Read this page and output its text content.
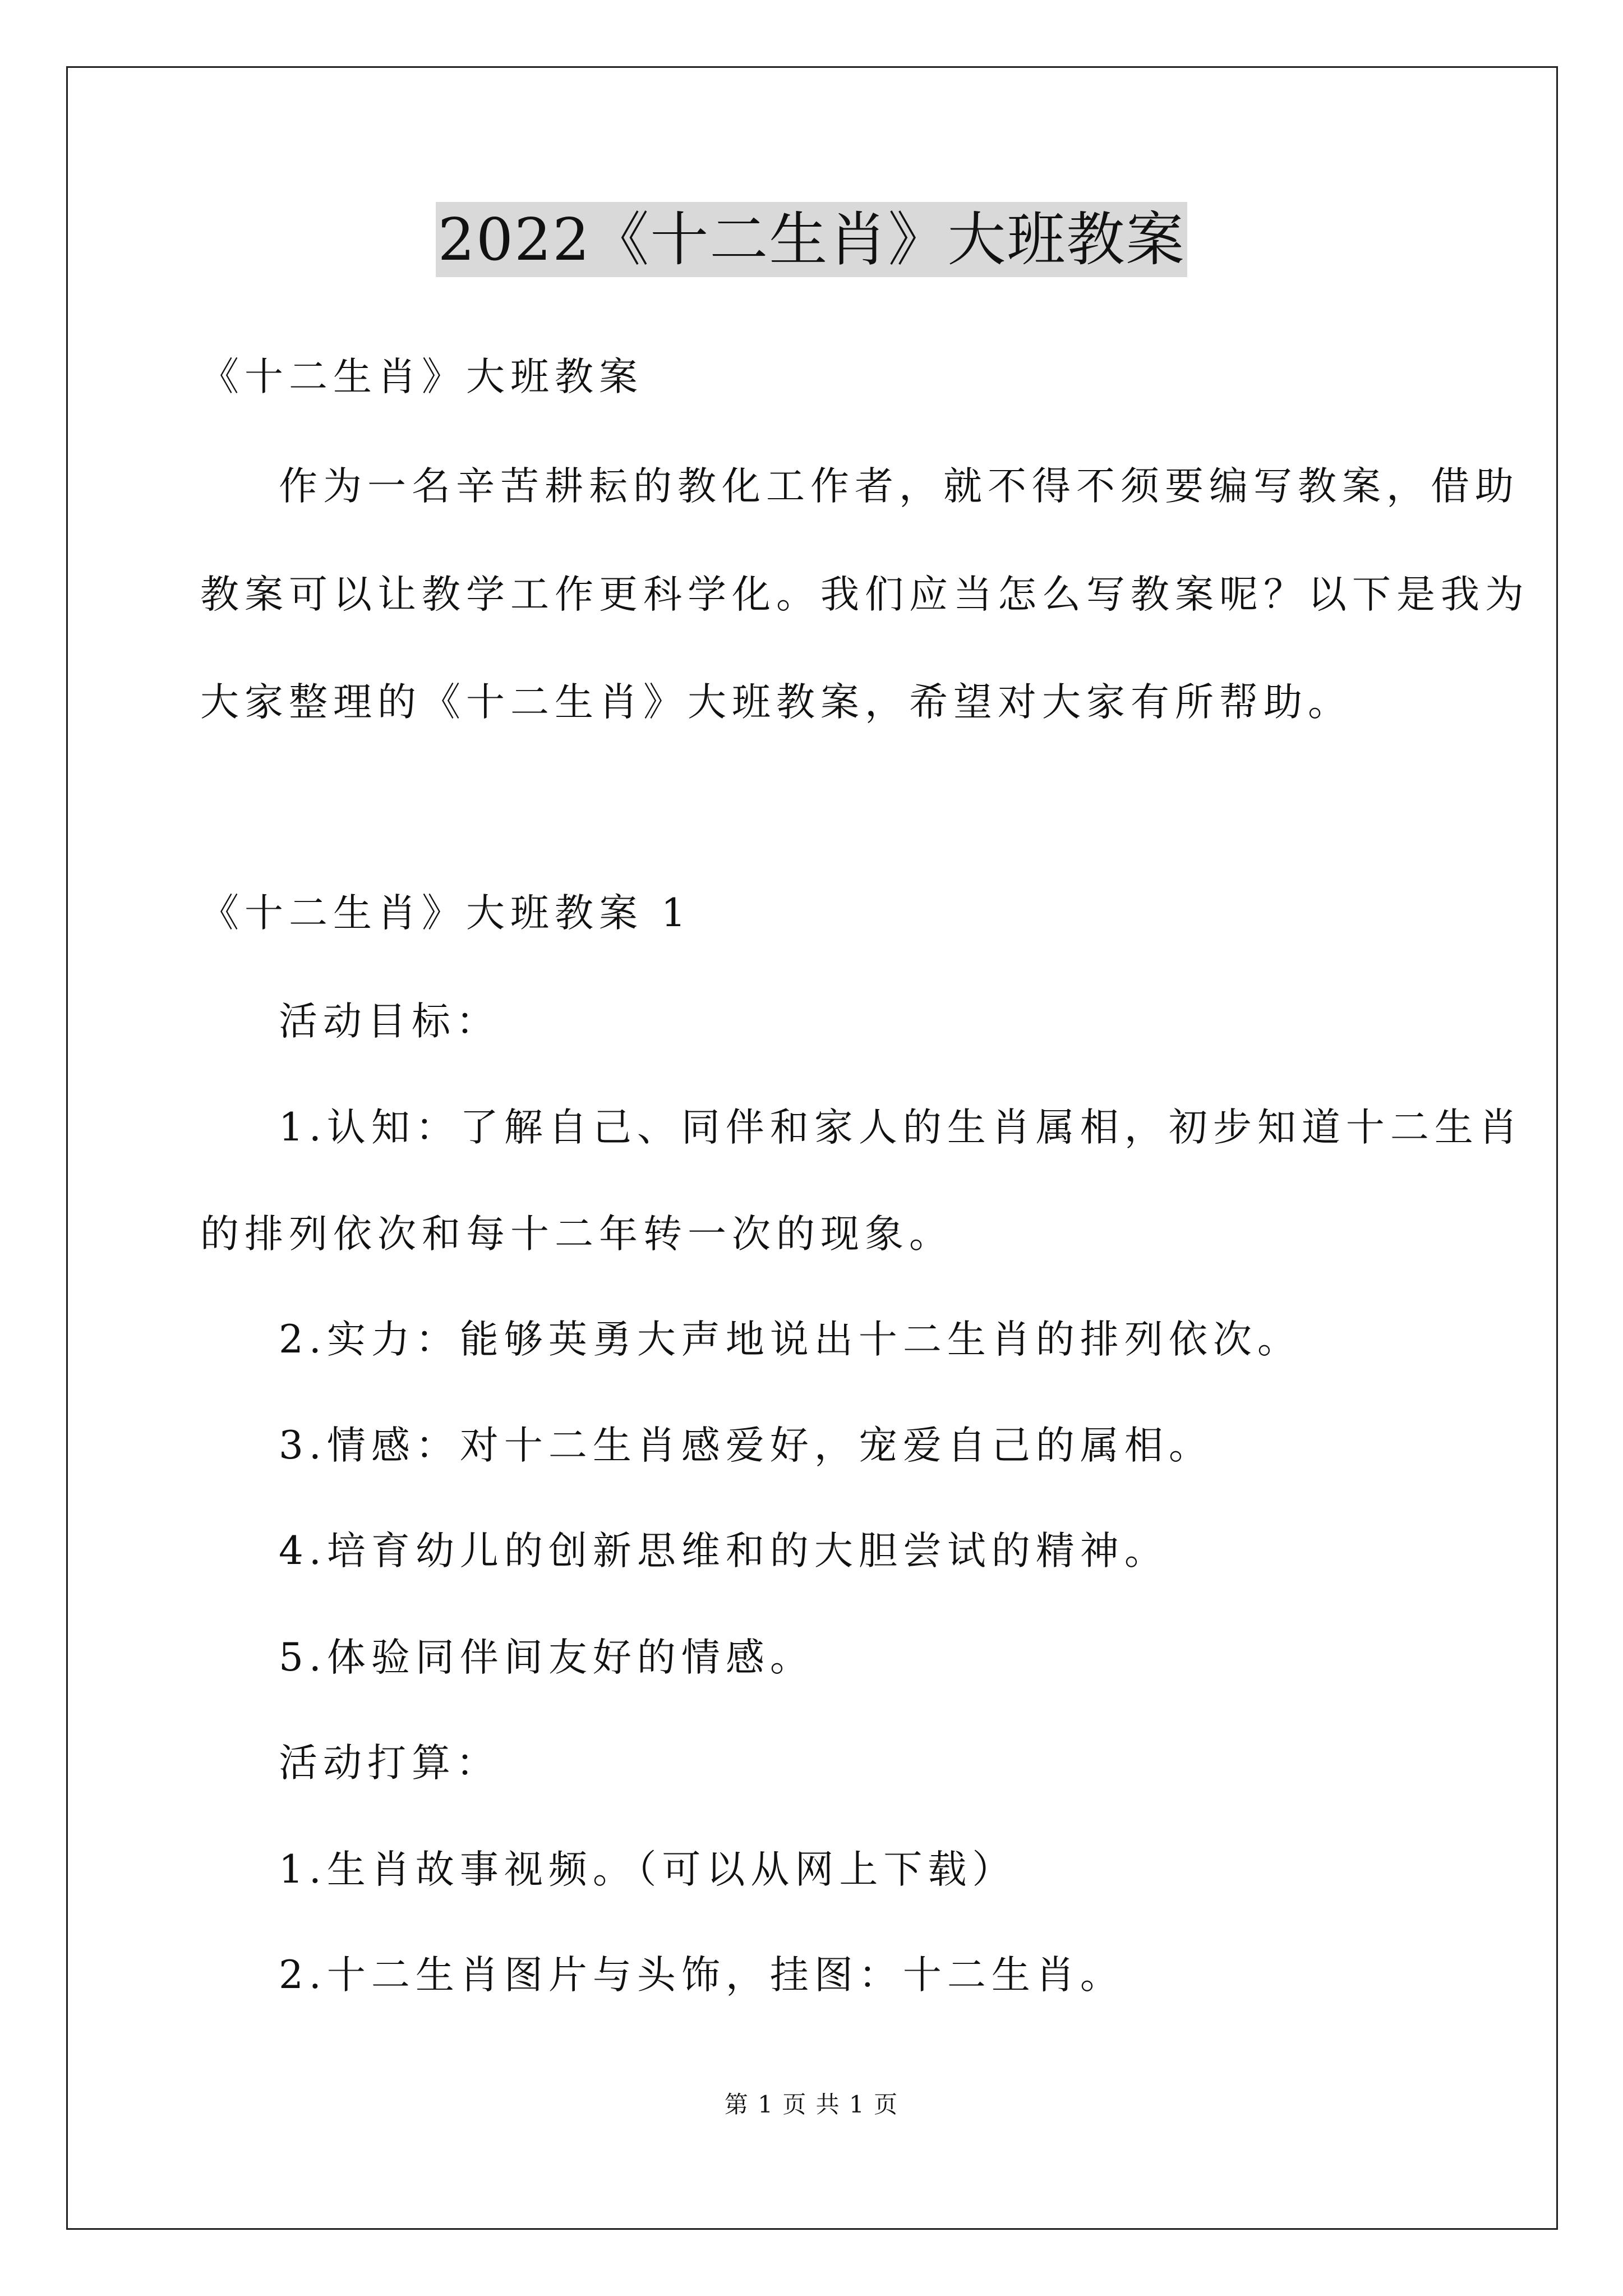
2022《十二生肖》大班教案
《十二生肖》大班教案
作为一名辛苦耕耘的教化工作者，就不得不须要编写教案，借助
教案可以让教学工作更科学化。我们应当怎么写教案呢？以下是我为
大家整理的《十二生肖》大班教案，希望对大家有所帮助。
《十二生肖》大班教案 1
活动目标：
1.认知：了解自己、同伴和家人的生肖属相，初步知道十二生肖
的排列依次和每十二年转一次的现象。
2.实力：能够英勇大声地说出十二生肖的排列依次。
3.情感：对十二生肖感爱好，宠爱自己的属相。
4.培育幼儿的创新思维和的大胆尝试的精神。
5.体验同伴间友好的情感。
活动打算：
1.生肖故事视频。（可以从网上下载）
2.十二生肖图片与头饰，挂图：十二生肖。
第 1 页 共 1 页
